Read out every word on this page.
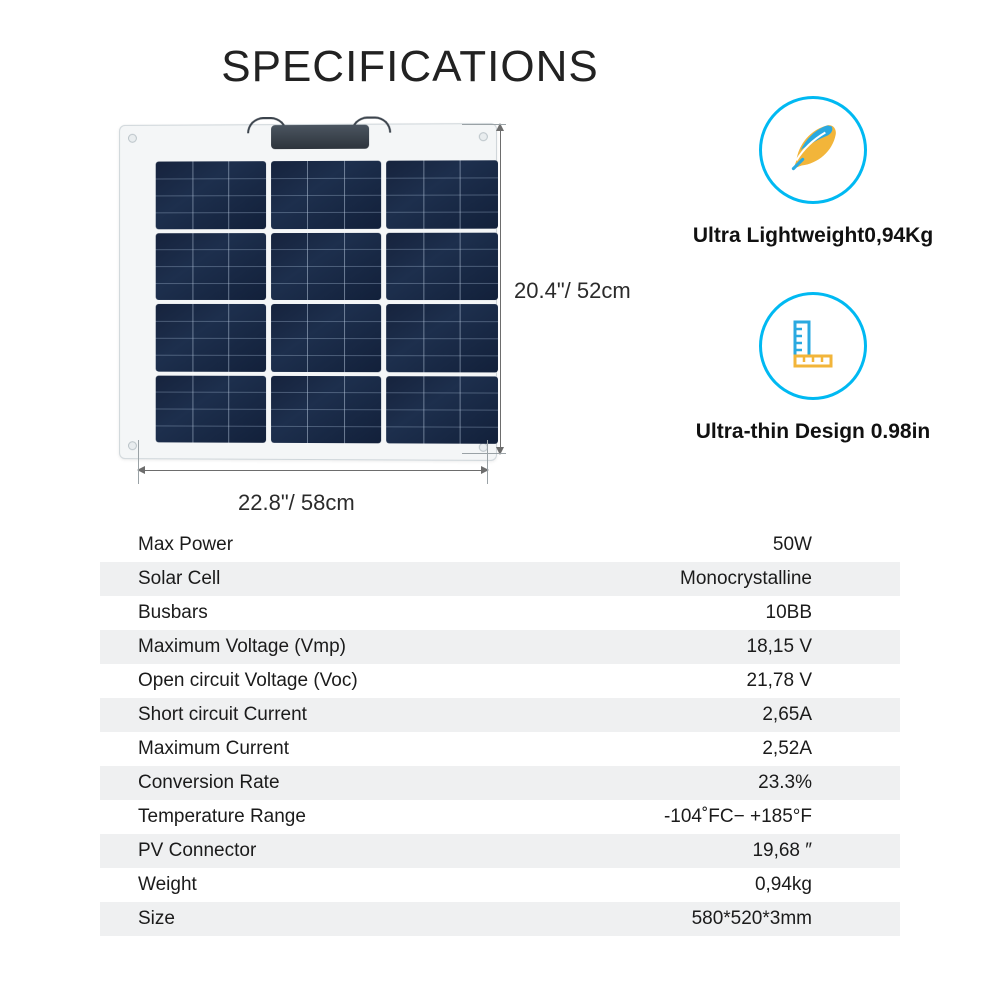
SPECIFICATIONS
20.4"/ 52cm
22.8"/ 58cm
Ultra Lightweight0,94Kg
Ultra-thin Design 0.98in
Max Power	50W
Solar Cell	Monocrystalline
Busbars	10BB
Maximum Voltage (Vmp)	18,15 V
Open circuit Voltage (Voc)	21,78 V
Short circuit Current	2,65A
Maximum Current	2,52A
Conversion Rate	23.3%
Temperature Range	-104˚FC− +185°F
PV Connector	19,68 ″
Weight	0,94kg
Size	580*520*3mm
